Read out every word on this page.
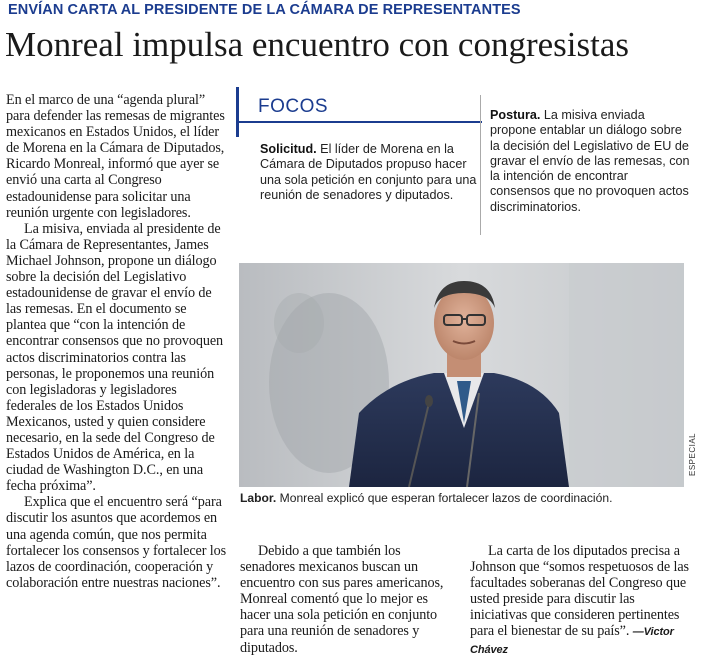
ENVÍAN CARTA AL PRESIDENTE DE LA CÁMARA DE REPRESENTANTES
Monreal impulsa encuentro con congresistas

En el marco de una “agenda plural” para defender las remesas de migrantes mexicanos en Estados Unidos, el líder de Morena en la Cámara de Diputados, Ricardo Monreal, informó que ayer se envió una carta al Congreso estadounidense para solicitar una reunión urgente con legisladores.

La misiva, enviada al presidente de la Cámara de Representantes, James Michael Johnson, propone un diálogo sobre la decisión del Legislativo estadounidense de gravar el envío de las remesas. En el documento se plantea que “con la intención de encontrar consensos que no provoquen actos discriminatorios contra las personas, le proponemos una reunión con legisladoras y legisladores federales de los Estados Unidos Mexicanos, usted y quien considere necesario, en la sede del Congreso de Estados Unidos de América, en la ciudad de Washington D.C., en una fecha próxima”.

Explica que el encuentro será “para discutir los asuntos que acordemos en una agenda común, que nos permita fortalecer los consensos y fortalecer los lazos de coordinación, cooperación y colaboración entre nuestras naciones”.

FOCOS
Solicitud. El líder de Morena en la Cámara de Diputados propuso hacer una sola petición en conjunto para una reunión de senadores y diputados.
Postura. La misiva enviada propone entablar un diálogo sobre la decisión del Legislativo de EU de gravar el envío de las remesas, con la intención de encontrar consensos que no provoquen actos discriminatorios.
ESPECIAL
Labor. Monreal explicó que esperan fortalecer lazos de coordinación.

Debido a que también los senadores mexicanos buscan un encuentro con sus pares americanos, Monreal comentó que lo mejor es hacer una sola petición en conjunto para una reunión de senadores y diputados.

La carta de los diputados precisa a Johnson que “somos respetuosos de las facultades soberanas del Congreso que usted preside para discutir las iniciativas que consideren pertinentes para el bienestar de su país”. —Victor Chávez
